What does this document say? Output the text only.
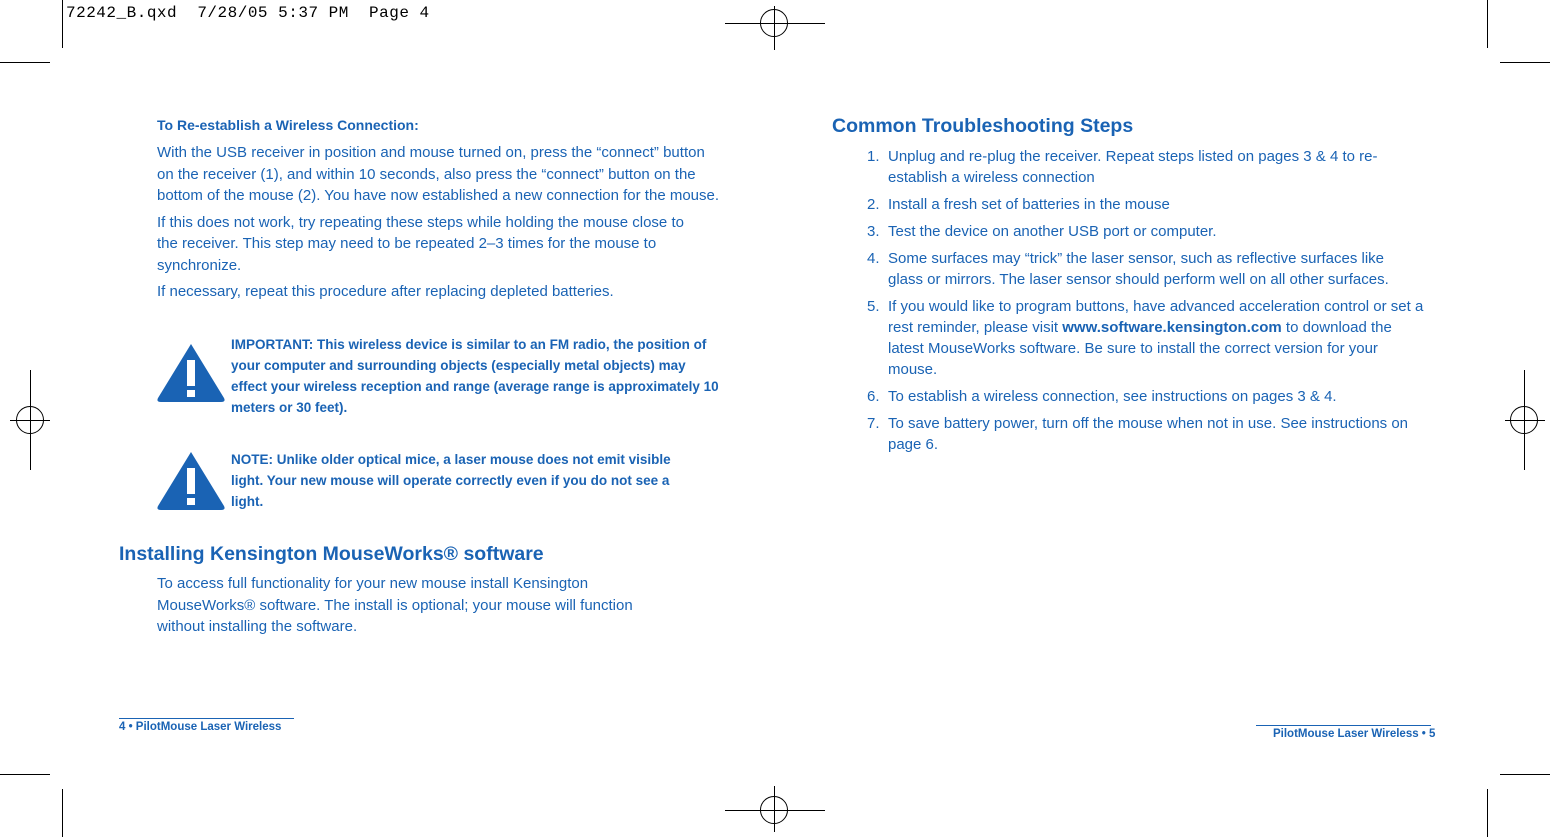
72242_B.qxd  7/28/05 5:37 PM  Page 4
To Re-establish a Wireless Connection:

With the USB receiver in position and mouse turned on, press the “connect” button on the receiver (1), and within 10 seconds, also press the “connect” button on the bottom of the mouse (2). You have now established a new connection for the mouse.

If this does not work, try repeating these steps while holding the mouse close to the receiver. This step may need to be repeated 2–3 times for the mouse to synchronize.

If necessary, repeat this procedure after replacing depleted batteries.

IMPORTANT: This wireless device is similar to an FM radio, the position of your computer and surrounding objects (especially metal objects) may effect your wireless reception and range (average range is approximately 10 meters or 30 feet).
NOTE: Unlike older optical mice, a laser mouse does not emit visible light. Your new mouse will operate correctly even if you do not see a light.
Installing Kensington MouseWorks® software
To access full functionality for your new mouse install Kensington MouseWorks® software. The install is optional; your mouse will function without installing the software.
4 • PilotMouse Laser Wireless
Common Troubleshooting Steps
1. Unplug and re-plug the receiver. Repeat steps listed on pages 3 & 4 to re-establish a wireless connection
2. Install a fresh set of batteries in the mouse
3. Test the device on another USB port or computer.
4. Some surfaces may “trick” the laser sensor, such as reflective surfaces like glass or mirrors. The laser sensor should perform well on all other surfaces.
5. If you would like to program buttons, have advanced acceleration control or set a rest reminder, please visit www.software.kensington.com to download the latest MouseWorks software. Be sure to install the correct version for your mouse.
6. To establish a wireless connection, see instructions on pages 3 & 4.
7. To save battery power, turn off the mouse when not in use. See instructions on page 6.
PilotMouse Laser Wireless • 5
